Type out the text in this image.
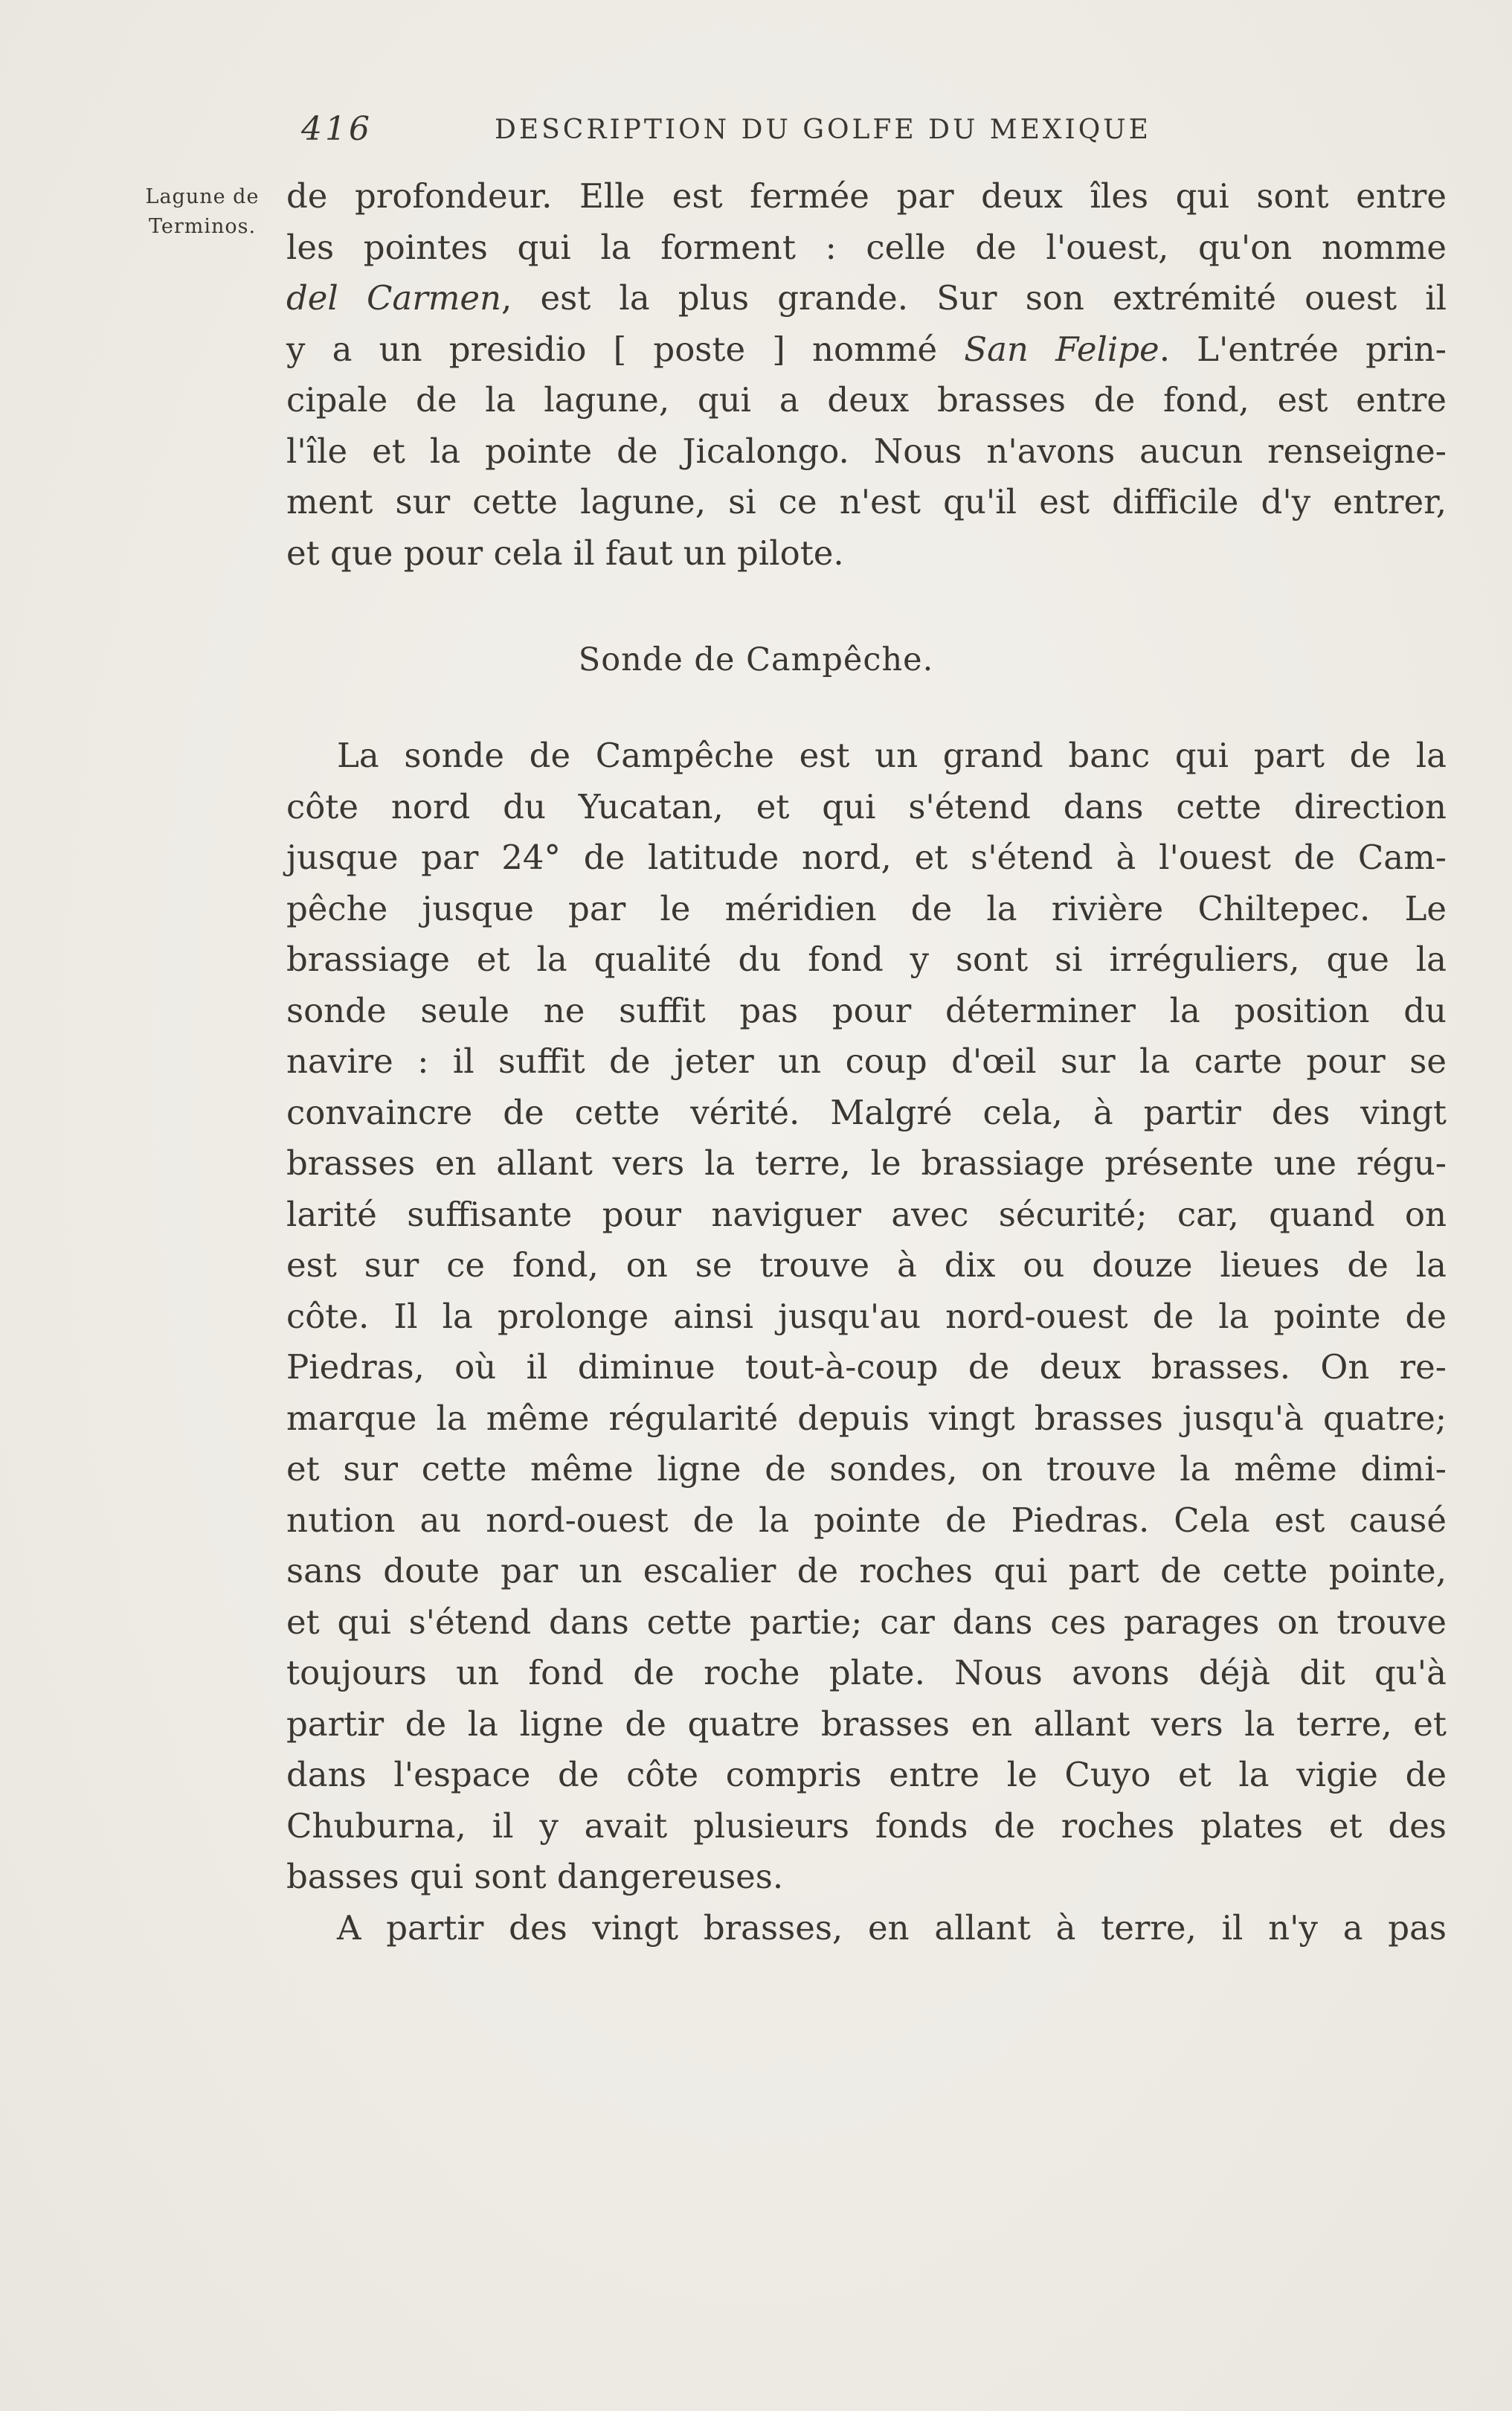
416	DESCRIPTION DU GOLFE DU MEXIQUE
Lagune de
Terminos.
de profondeur. Elle est fermée par deux îles qui sont entre
les pointes qui la forment : celle de l'ouest, qu'on nomme
del Carmen, est la plus grande. Sur son extrémité ouest il
y a un presidio [ poste ] nommé San Felipe. L'entrée prin-
cipale de la lagune, qui a deux brasses de fond, est entre
l'île et la pointe de Jicalongo. Nous n'avons aucun renseigne-
ment sur cette lagune, si ce n'est qu'il est difficile d'y entrer,
et que pour cela il faut un pilote.
Sonde de Campêche.
La sonde de Campêche est un grand banc qui part de la
côte nord du Yucatan, et qui s'étend dans cette direction
jusque par 24° de latitude nord, et s'étend à l'ouest de Cam-
pêche jusque par le méridien de la rivière Chiltepec. Le
brassiage et la qualité du fond y sont si irréguliers, que la
sonde seule ne suffit pas pour déterminer la position du
navire : il suffit de jeter un coup d'œil sur la carte pour se
convaincre de cette vérité. Malgré cela, à partir des vingt
brasses en allant vers la terre, le brassiage présente une régu-
larité suffisante pour naviguer avec sécurité; car, quand on
est sur ce fond, on se trouve à dix ou douze lieues de la
côte. Il la prolonge ainsi jusqu'au nord-ouest de la pointe de
Piedras, où il diminue tout-à-coup de deux brasses. On re-
marque la même régularité depuis vingt brasses jusqu'à quatre;
et sur cette même ligne de sondes, on trouve la même dimi-
nution au nord-ouest de la pointe de Piedras. Cela est causé
sans doute par un escalier de roches qui part de cette pointe,
et qui s'étend dans cette partie; car dans ces parages on trouve
toujours un fond de roche plate. Nous avons déjà dit qu'à
partir de la ligne de quatre brasses en allant vers la terre, et
dans l'espace de côte compris entre le Cuyo et la vigie de
Chuburna, il y avait plusieurs fonds de roches plates et des
basses qui sont dangereuses.
A partir des vingt brasses, en allant à terre, il n'y a pas
